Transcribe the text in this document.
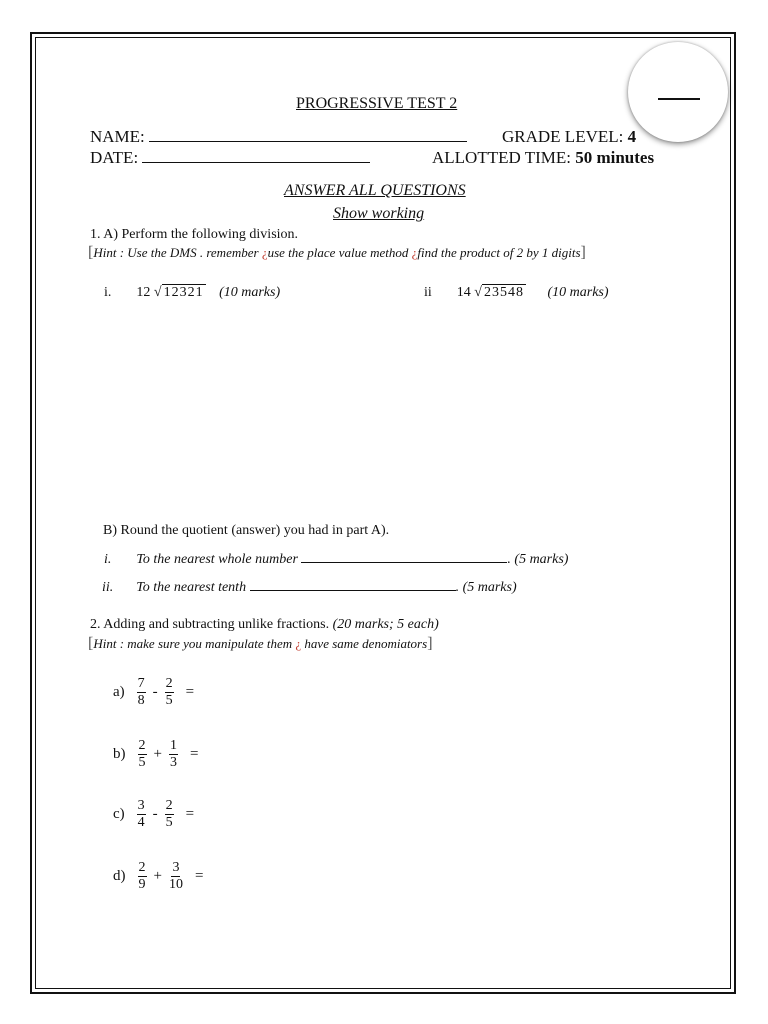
PROGRESSIVE TEST 2
NAME:	GRADE LEVEL: 4
DATE:	ALLOTTED TIME: 50 minutes
ANSWER ALL QUESTIONS
Show working
1. A) Perform the following division.
[Hint : Use the DMS . remember ¿use the place value method ¿find the product of 2 by 1 digits]
i. 12 √ 12321 (10 marks)	ii 14 √ 23548 (10 marks)
B) Round the quotient (answer) you had in part A).
i. To the nearest whole number	. (5 marks)
ii. To the nearest tenth	. (5 marks)
2. Adding and subtracting unlike fractions. (20 marks; 5 each)
[Hint : make sure you manipulate them ¿ have same denomiators]
$a) \frac{7}{8} - \frac{2}{5}$ =
$b) \frac{2}{5} + \frac{1}{3}$ =
$c) \frac{3}{4} - \frac{2}{5}$ =
$d) \frac{2}{9} + \frac{3}{10}$ =
